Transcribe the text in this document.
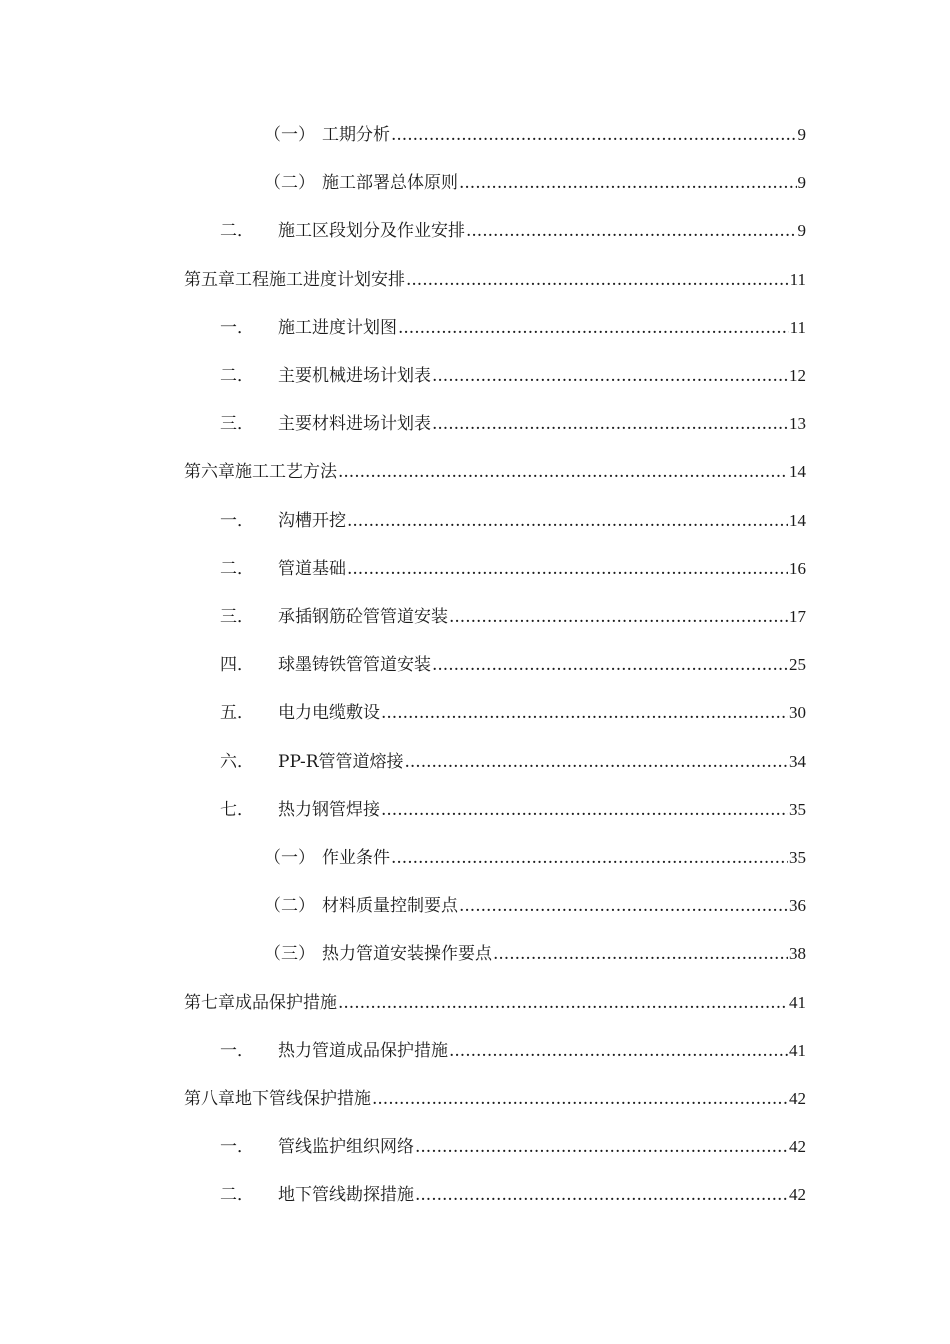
（一） 工期分析 .....	9
（二） 施工部署总体原则 .....	9
二．	施工区段划分及作业安排 .....	9
第五章工程施工进度计划安排 .....	11
一．	施工进度计划图 .....	11
二．	主要机械进场计划表 .....	12
三．	主要材料进场计划表 .....	13
第六章施工工艺方法 .....	14
一．	沟槽开挖 .....	14
二．	管道基础 .....	16
三．	承插钢筋砼管管道安装 .....	17
四．	球墨铸铁管管道安装 .....	25
五．	电力电缆敷设 .....	30
六．	PP-R管管道熔接 .....	34
七．	热力钢管焊接 .....	35
（一） 作业条件 .....	35
（二） 材料质量控制要点 .....	36
（三） 热力管道安装操作要点 .....	38
第七章成品保护措施 .....	41
一．	热力管道成品保护措施 .....	41
第八章地下管线保护措施 .....	42
一．	管线监护组织网络 .....	42
二．	地下管线勘探措施 .....	42
